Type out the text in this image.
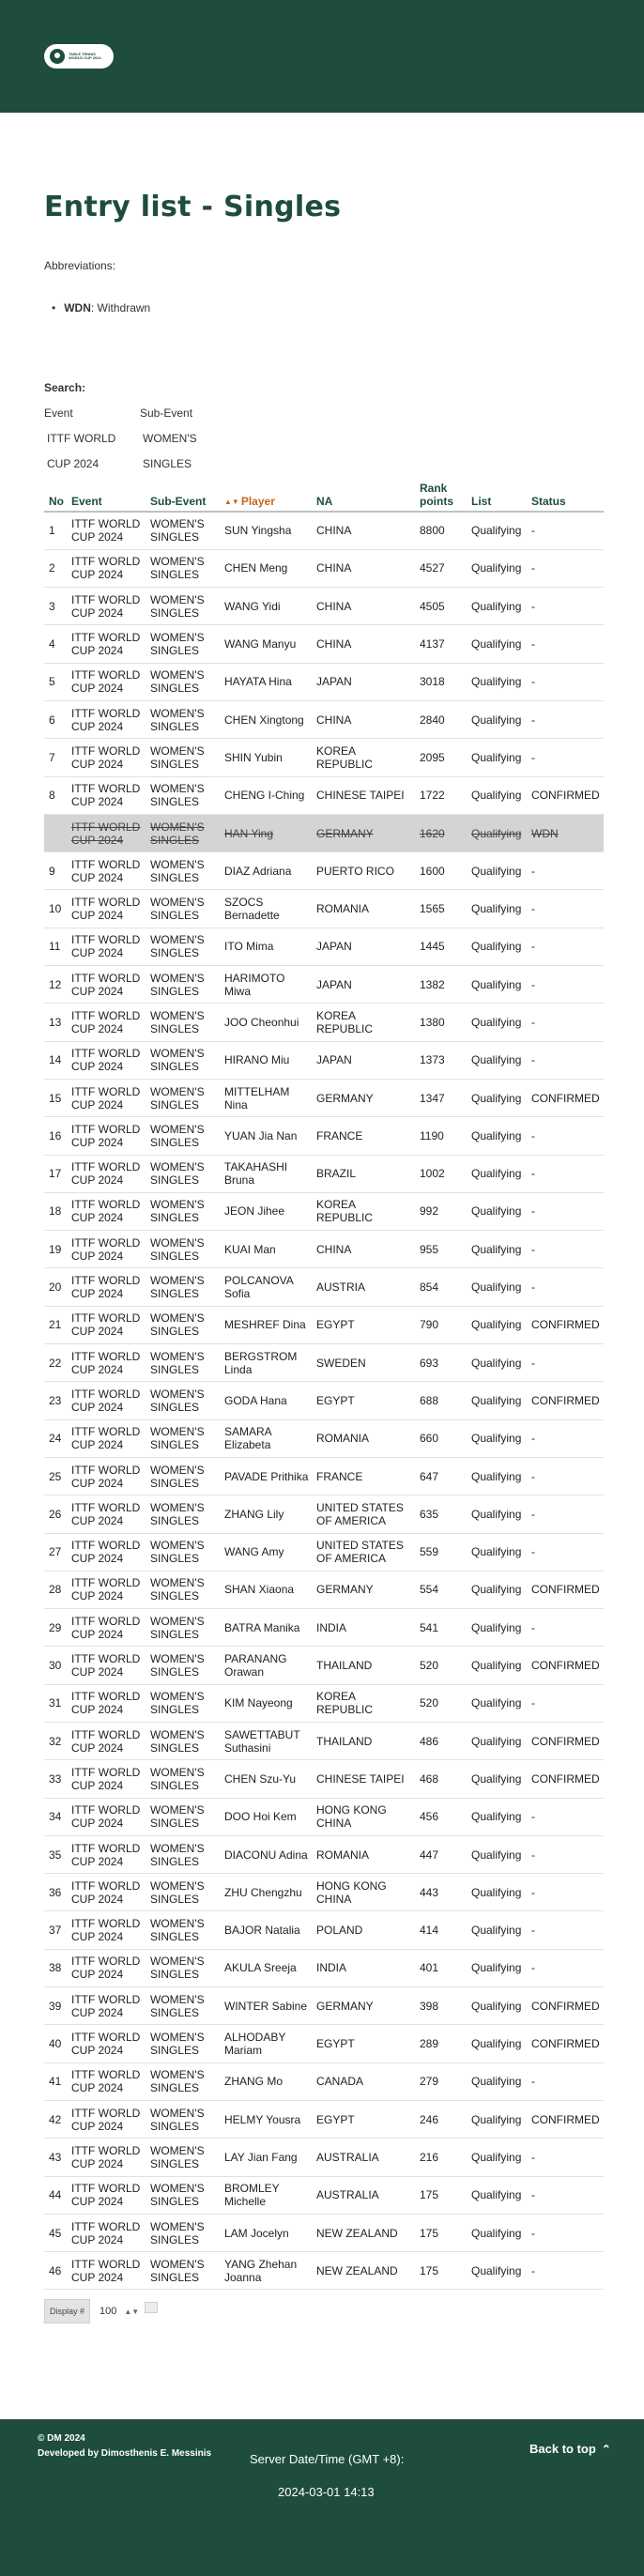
TABLE TENNIS WORLD CUP 2024
Entry list - Singles
Abbreviations:
• WDN: Withdrawn
Search:
Event	Sub-Event
ITTF WORLD
CUP 2024
WOMEN'S
SINGLES
No	Event	Sub-Event	▲▼ Player	NA	Rank points	List	Status
1	ITTF WORLD CUP 2024	WOMEN'S SINGLES	SUN Yingsha	CHINA	8800	Qualifying	-
2	ITTF WORLD CUP 2024	WOMEN'S SINGLES	CHEN Meng	CHINA	4527	Qualifying	-
3	ITTF WORLD CUP 2024	WOMEN'S SINGLES	WANG Yidi	CHINA	4505	Qualifying	-
4	ITTF WORLD CUP 2024	WOMEN'S SINGLES	WANG Manyu	CHINA	4137	Qualifying	-
5	ITTF WORLD CUP 2024	WOMEN'S SINGLES	HAYATA Hina	JAPAN	3018	Qualifying	-
6	ITTF WORLD CUP 2024	WOMEN'S SINGLES	CHEN Xingtong	CHINA	2840	Qualifying	-
7	ITTF WORLD CUP 2024	WOMEN'S SINGLES	SHIN Yubin	KOREA REPUBLIC	2095	Qualifying	-
8	ITTF WORLD CUP 2024	WOMEN'S SINGLES	CHENG I-Ching	CHINESE TAIPEI	1722	Qualifying	CONFIRMED
	ITTF WORLD CUP 2024	WOMEN'S SINGLES	HAN Ying	GERMANY	1620	Qualifying	WDN
9	ITTF WORLD CUP 2024	WOMEN'S SINGLES	DIAZ Adriana	PUERTO RICO	1600	Qualifying	-
10	ITTF WORLD CUP 2024	WOMEN'S SINGLES	SZOCS Bernadette	ROMANIA	1565	Qualifying	-
11	ITTF WORLD CUP 2024	WOMEN'S SINGLES	ITO Mima	JAPAN	1445	Qualifying	-
12	ITTF WORLD CUP 2024	WOMEN'S SINGLES	HARIMOTO Miwa	JAPAN	1382	Qualifying	-
13	ITTF WORLD CUP 2024	WOMEN'S SINGLES	JOO Cheonhui	KOREA REPUBLIC	1380	Qualifying	-
14	ITTF WORLD CUP 2024	WOMEN'S SINGLES	HIRANO Miu	JAPAN	1373	Qualifying	-
15	ITTF WORLD CUP 2024	WOMEN'S SINGLES	MITTELHAM Nina	GERMANY	1347	Qualifying	CONFIRMED
16	ITTF WORLD CUP 2024	WOMEN'S SINGLES	YUAN Jia Nan	FRANCE	1190	Qualifying	-
17	ITTF WORLD CUP 2024	WOMEN'S SINGLES	TAKAHASHI Bruna	BRAZIL	1002	Qualifying	-
18	ITTF WORLD CUP 2024	WOMEN'S SINGLES	JEON Jihee	KOREA REPUBLIC	992	Qualifying	-
19	ITTF WORLD CUP 2024	WOMEN'S SINGLES	KUAI Man	CHINA	955	Qualifying	-
20	ITTF WORLD CUP 2024	WOMEN'S SINGLES	POLCANOVA Sofia	AUSTRIA	854	Qualifying	-
21	ITTF WORLD CUP 2024	WOMEN'S SINGLES	MESHREF Dina	EGYPT	790	Qualifying	CONFIRMED
22	ITTF WORLD CUP 2024	WOMEN'S SINGLES	BERGSTROM Linda	SWEDEN	693	Qualifying	-
23	ITTF WORLD CUP 2024	WOMEN'S SINGLES	GODA Hana	EGYPT	688	Qualifying	CONFIRMED
24	ITTF WORLD CUP 2024	WOMEN'S SINGLES	SAMARA Elizabeta	ROMANIA	660	Qualifying	-
25	ITTF WORLD CUP 2024	WOMEN'S SINGLES	PAVADE Prithika	FRANCE	647	Qualifying	-
26	ITTF WORLD CUP 2024	WOMEN'S SINGLES	ZHANG Lily	UNITED STATES OF AMERICA	635	Qualifying	-
27	ITTF WORLD CUP 2024	WOMEN'S SINGLES	WANG Amy	UNITED STATES OF AMERICA	559	Qualifying	-
28	ITTF WORLD CUP 2024	WOMEN'S SINGLES	SHAN Xiaona	GERMANY	554	Qualifying	CONFIRMED
29	ITTF WORLD CUP 2024	WOMEN'S SINGLES	BATRA Manika	INDIA	541	Qualifying	-
30	ITTF WORLD CUP 2024	WOMEN'S SINGLES	PARANANG Orawan	THAILAND	520	Qualifying	CONFIRMED
31	ITTF WORLD CUP 2024	WOMEN'S SINGLES	KIM Nayeong	KOREA REPUBLIC	520	Qualifying	-
32	ITTF WORLD CUP 2024	WOMEN'S SINGLES	SAWETTABUT Suthasini	THAILAND	486	Qualifying	CONFIRMED
33	ITTF WORLD CUP 2024	WOMEN'S SINGLES	CHEN Szu-Yu	CHINESE TAIPEI	468	Qualifying	CONFIRMED
34	ITTF WORLD CUP 2024	WOMEN'S SINGLES	DOO Hoi Kem	HONG KONG CHINA	456	Qualifying	-
35	ITTF WORLD CUP 2024	WOMEN'S SINGLES	DIACONU Adina	ROMANIA	447	Qualifying	-
36	ITTF WORLD CUP 2024	WOMEN'S SINGLES	ZHU Chengzhu	HONG KONG CHINA	443	Qualifying	-
37	ITTF WORLD CUP 2024	WOMEN'S SINGLES	BAJOR Natalia	POLAND	414	Qualifying	-
38	ITTF WORLD CUP 2024	WOMEN'S SINGLES	AKULA Sreeja	INDIA	401	Qualifying	-
39	ITTF WORLD CUP 2024	WOMEN'S SINGLES	WINTER Sabine	GERMANY	398	Qualifying	CONFIRMED
40	ITTF WORLD CUP 2024	WOMEN'S SINGLES	ALHODABY Mariam	EGYPT	289	Qualifying	CONFIRMED
41	ITTF WORLD CUP 2024	WOMEN'S SINGLES	ZHANG Mo	CANADA	279	Qualifying	-
42	ITTF WORLD CUP 2024	WOMEN'S SINGLES	HELMY Yousra	EGYPT	246	Qualifying	CONFIRMED
43	ITTF WORLD CUP 2024	WOMEN'S SINGLES	LAY Jian Fang	AUSTRALIA	216	Qualifying	-
44	ITTF WORLD CUP 2024	WOMEN'S SINGLES	BROMLEY Michelle	AUSTRALIA	175	Qualifying	-
45	ITTF WORLD CUP 2024	WOMEN'S SINGLES	LAM Jocelyn	NEW ZEALAND	175	Qualifying	-
46	ITTF WORLD CUP 2024	WOMEN'S SINGLES	YANG Zhehan Joanna	NEW ZEALAND	175	Qualifying	-
Display #	100 ▲▼
© DM 2024
Developed by Dimosthenis E. Messinis	Server Date/Time (GMT +8):
2024-03-01 14:13
Back to top ⌃
